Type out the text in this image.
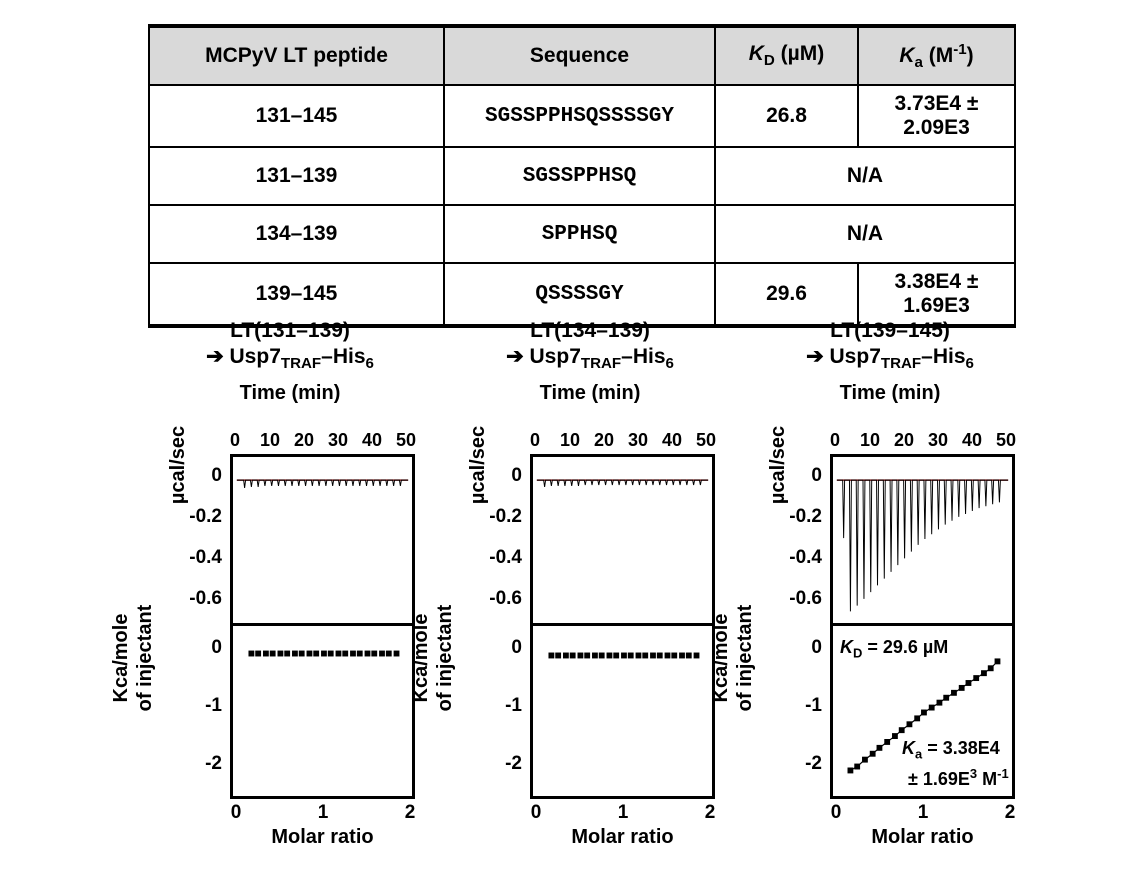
MCPyV LT peptide	Sequence	$K_D$ (µM)	$K_a$ $(M^{-1})$
131–145	SGSSPPHSQSSSSGY	26.8	3.73E4 ± 2.09E3
131–139	SGSSPPHSQ	N/A	
134–139	SPPHSQ	N/A	
139–145	QSSSSGY	29.6	3.38E4 ± 1.69E3
LT(131–139)
➔ $Usp7_{TRAF}-His_6$
Time (min)
0 10 20 30 40 50
0
-0.2
-0.4
-0.6
0
-1
-2
µcal/sec
Kca/mole of injectant
0	1	2
Molar ratio
LT(134–139)
➔ $Usp7_{TRAF}-His_6$
Time (min)
0 10 20 30 40 50
0
-0.2
-0.4
-0.6
0
-1
-2
µcal/sec
Kca/mole of injectant
0	1	2
Molar ratio
LT(139–145)
➔ $Usp7_{TRAF}-His_6$
Time (min)
0 10 20 30 40 50
0
-0.2
-0.4
-0.6
0
-1
-2
µcal/sec
Kca/mole of injectant	$K_D = 29.6$ µM
$K_a = 3.38E4$
± $1.69E^3$ $M^{-1}$
0	1	2
Molar ratio
